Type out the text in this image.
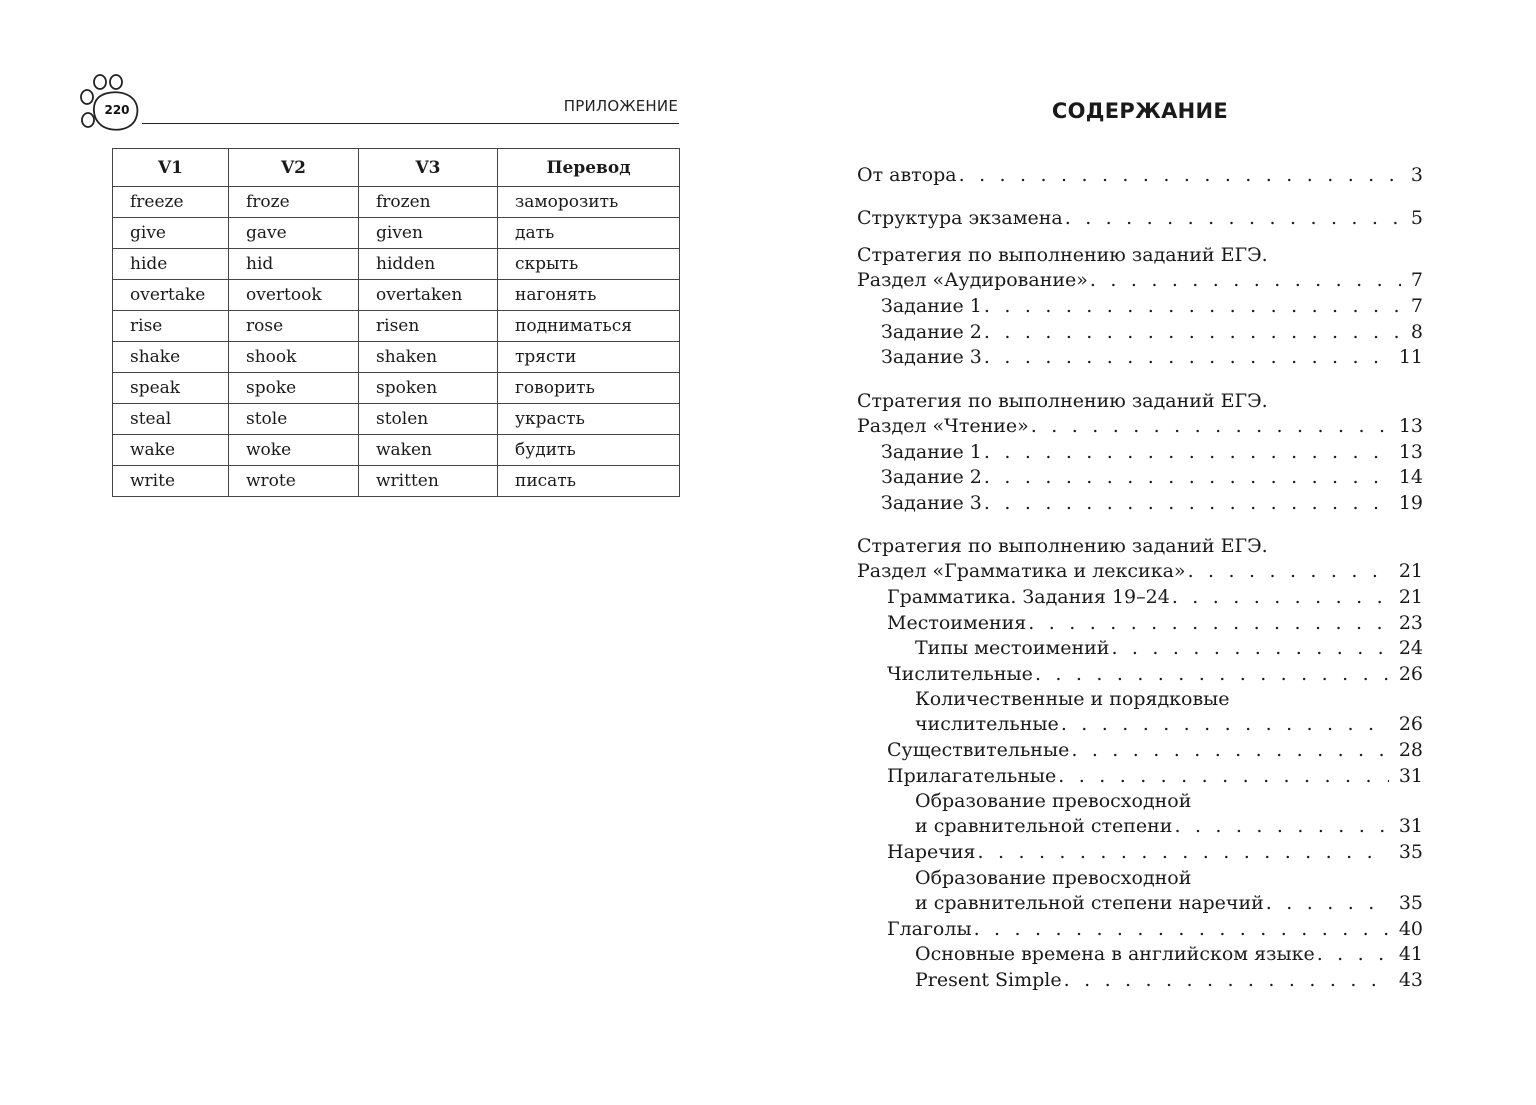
220	ПРИЛОЖЕНИЕ
V1	V2	V3	Перевод
freeze	froze	frozen	заморозить
give	gave	given	дать
hide	hid	hidden	скрыть
overtake	overtook	overtaken	нагонять
rise	rose	risen	подниматься
shake	shook	shaken	трясти
speak	spoke	spoken	говорить
steal	stole	stolen	украсть
wake	woke	waken	будить
write	wrote	written	писать
СОДЕРЖАНИЕ
От автора . . .	3
Структура экзамена . . .	5
Стратегия по выполнению заданий ЕГЭ.
Раздел «Аудирование» . . .	7
Задание 1 . . .	7
Задание 2 . . .	8
Задание 3 . . .	11
Стратегия по выполнению заданий ЕГЭ.
Раздел «Чтение» . . .	13
Задание 1 . . .	13
Задание 2 . . .	14
Задание 3 . . .	19
Стратегия по выполнению заданий ЕГЭ.
Раздел «Грамматика и лексика» . . .	21
Грамматика. Задания 19–24 . . .	21
Местоимения . . .	23
Типы местоимений . . .	24
Числительные . . .	26
Количественные и порядковые
числительные . . .	26
Существительные . . .	28
Прилагательные . . .	31
Образование превосходной
и сравнительной степени . . .	31
Наречия . . .	35
Образование превосходной
и сравнительной степени наречий . . .	35
Глаголы . . .	40
Основные времена в английском языке . . .	41
Present Simple . . .	43
